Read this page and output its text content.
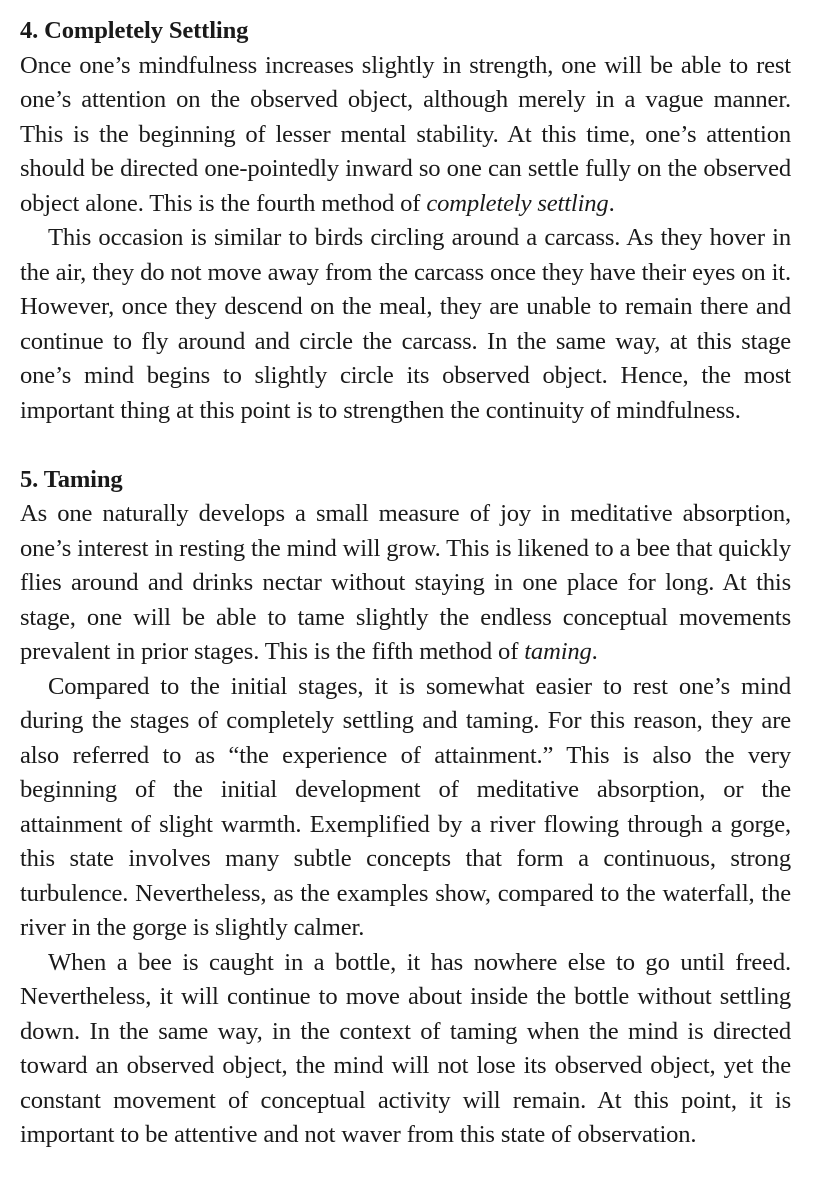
4. Completely Settling

Once one’s mindfulness increases slightly in strength, one will be able to rest one’s attention on the observed object, although merely in a vague manner. This is the beginning of lesser mental stability. At this time, one’s attention should be directed one-pointedly inward so one can settle fully on the observed object alone. This is the fourth method of completely settling.

This occasion is similar to birds circling around a carcass. As they hover in the air, they do not move away from the carcass once they have their eyes on it. However, once they descend on the meal, they are unable to remain there and continue to fly around and circle the carcass. In the same way, at this stage one’s mind begins to slightly circle its observed object. Hence, the most important thing at this point is to strengthen the continuity of mindfulness.

5. Taming

As one naturally develops a small measure of joy in meditative absorption, one’s interest in resting the mind will grow. This is likened to a bee that quickly flies around and drinks nectar without staying in one place for long. At this stage, one will be able to tame slightly the endless conceptual movements prevalent in prior stages. This is the fifth method of taming.

Compared to the initial stages, it is somewhat easier to rest one’s mind during the stages of completely settling and taming. For this reason, they are also referred to as “the experience of attainment.” This is also the very beginning of the initial development of meditative absorption, or the attainment of slight warmth. Exemplified by a river flowing through a gorge, this state involves many subtle concepts that form a continuous, strong turbulence. Nevertheless, as the examples show, compared to the waterfall, the river in the gorge is slightly calmer.

When a bee is caught in a bottle, it has nowhere else to go until freed. Nevertheless, it will continue to move about inside the bottle without settling down. In the same way, in the context of taming when the mind is directed toward an observed object, the mind will not lose its observed object, yet the constant movement of conceptual activity will remain. At this point, it is important to be attentive and not waver from this state of observation.
